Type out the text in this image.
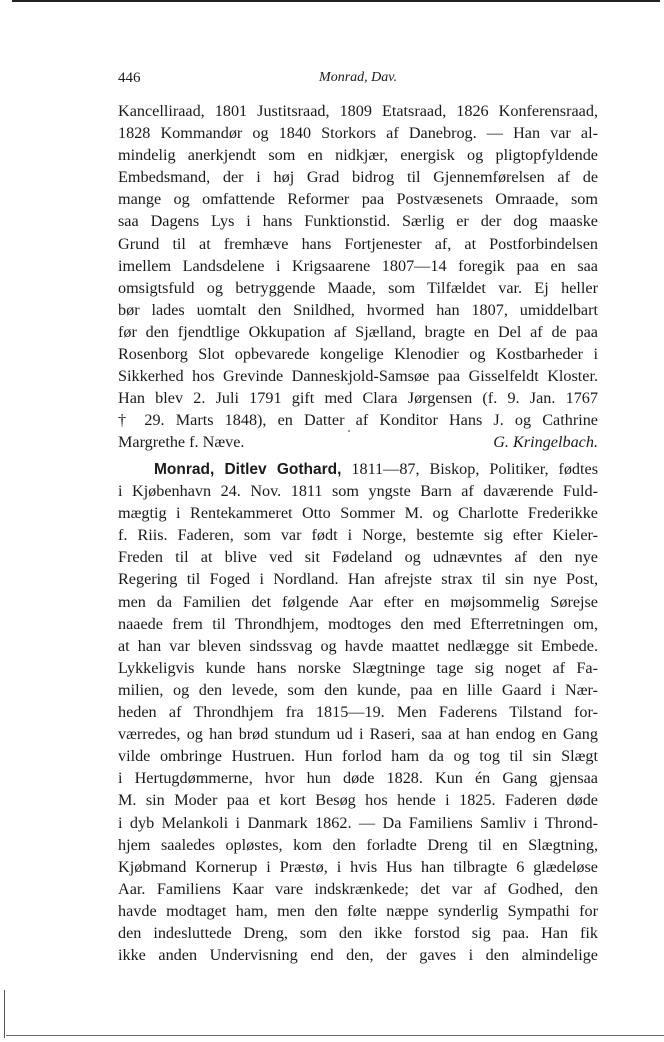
446	Monrad, Dav.
Kancelliraad, 1801 Justitsraad, 1809 Etatsraad, 1826 Konferensraad,
1828 Kommandør og 1840 Storkors af Danebrog. — Han var al-
mindelig anerkjendt som en nidkjær, energisk og pligtopfyldende
Embedsmand, der i høj Grad bidrog til Gjennemførelsen af de
mange og omfattende Reformer paa Postvæsenets Omraade, som
saa Dagens Lys i hans Funktionstid. Særlig er der dog maaske
Grund til at fremhæve hans Fortjenester af, at Postforbindelsen
imellem Landsdelene i Krigsaarene 1807—14 foregik paa en saa
omsigtsfuld og betryggende Maade, som Tilfældet var. Ej heller
bør lades uomtalt den Snildhed, hvormed han 1807, umiddelbart
før den fjendtlige Okkupation af Sjælland, bragte en Del af de paa
Rosenborg Slot opbevarede kongelige Klenodier og Kostbarheder i
Sikkerhed hos Grevinde Danneskjold-Samsøe paa Gisselfeldt Kloster.
Han blev 2. Juli 1791 gift med Clara Jørgensen (f. 9. Jan. 1767
† 29. Marts 1848), en Datter af Konditor Hans J. og Cathrine
Margrethe f. Næve.	G. Kringelbach.
Monrad, Ditlev Gothard, 1811—87, Biskop, Politiker, fødtes
i Kjøbenhavn 24. Nov. 1811 som yngste Barn af daværende Fuld-
mægtig i Rentekammeret Otto Sommer M. og Charlotte Frederikke
f. Riis. Faderen, som var født i Norge, bestemte sig efter Kieler-
Freden til at blive ved sit Fødeland og udnævntes af den nye
Regering til Foged i Nordland. Han afrejste strax til sin nye Post,
men da Familien det følgende Aar efter en møjsommelig Sørejse
naaede frem til Throndhjem, modtoges den med Efterretningen om,
at han var bleven sindssvag og havde maattet nedlægge sit Embede.
Lykkeligvis kunde hans norske Slægtninge tage sig noget af Fa-
milien, og den levede, som den kunde, paa en lille Gaard i Nær-
heden af Throndhjem fra 1815—19. Men Faderens Tilstand for-
værredes, og han brød stundum ud i Raseri, saa at han endog en Gang
vilde ombringe Hustruen. Hun forlod ham da og tog til sin Slægt
i Hertugdømmerne, hvor hun døde 1828. Kun én Gang gjensaa
M. sin Moder paa et kort Besøg hos hende i 1825. Faderen døde
i dyb Melankoli i Danmark 1862. — Da Familiens Samliv i Thrond-
hjem saaledes opløstes, kom den forladte Dreng til en Slægtning,
Kjøbmand Kornerup i Præstø, i hvis Hus han tilbragte 6 glædeløse
Aar. Familiens Kaar vare indskrænkede; det var af Godhed, den
havde modtaget ham, men den følte næppe synderlig Sympathi for
den indesluttede Dreng, som den ikke forstod sig paa. Han fik
ikke anden Undervisning end den, der gaves i den almindelige
